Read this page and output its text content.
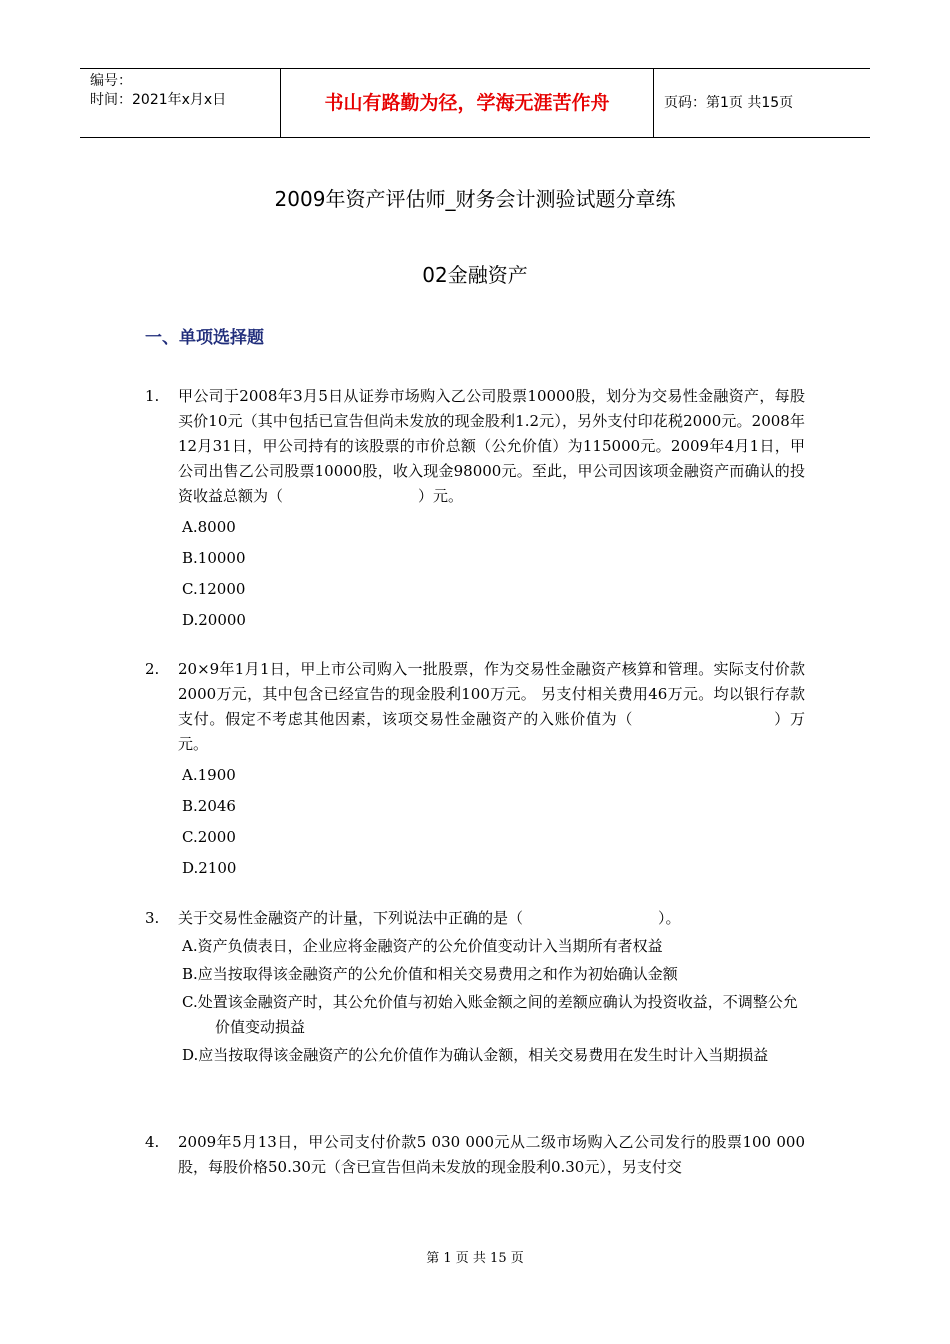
编号：
时间：2021年x月x日	书山有路勤为径，学海无涯苦作舟	页码：第1页 共15页
2009年资产评估师_财务会计测验试题分章练
02金融资产
一、单项选择题
1. 甲公司于2008年3月5日从证券市场购入乙公司股票10000股，划分为交易性金融资产，每股买价10元（其中包括已宣告但尚未发放的现金股利1.2元），另外支付印花税2000元。2008年12月31日，甲公司持有的该股票的市价总额（公允价值）为115000元。2009年4月1日，甲公司出售乙公司股票10000股，收入现金98000元。至此，甲公司因该项金融资产而确认的投资收益总额为（　　　　　　　　　）元。
A.8000
B.10000
C.12000
D.20000
2. 20×9年1月1日，甲上市公司购入一批股票，作为交易性金融资产核算和管理。实际支付价款2000万元，其中包含已经宣告的现金股利100万元。 另支付相关费用46万元。均以银行存款支付。假定不考虑其他因素，该项交易性金融资产的入账价值为（　　　　　　　　　）万元。
A.1900
B.2046
C.2000
D.2100
3. 关于交易性金融资产的计量，下列说法中正确的是（　　　　　　　　　）。
A.资产负债表日，企业应将金融资产的公允价值变动计入当期所有者权益
B.应当按取得该金融资产的公允价值和相关交易费用之和作为初始确认金额
C.处置该金融资产时，其公允价值与初始入账金额之间的差额应确认为投资收益，不调整公允价值变动损益
D.应当按取得该金融资产的公允价值作为确认金额，相关交易费用在发生时计入当期损益
4. 2009年5月13日，甲公司支付价款5 030 000元从二级市场购入乙公司发行的股票100 000股，每股价格50.30元（含已宣告但尚未发放的现金股利0.30元），另支付交
第 1 页 共 15 页
